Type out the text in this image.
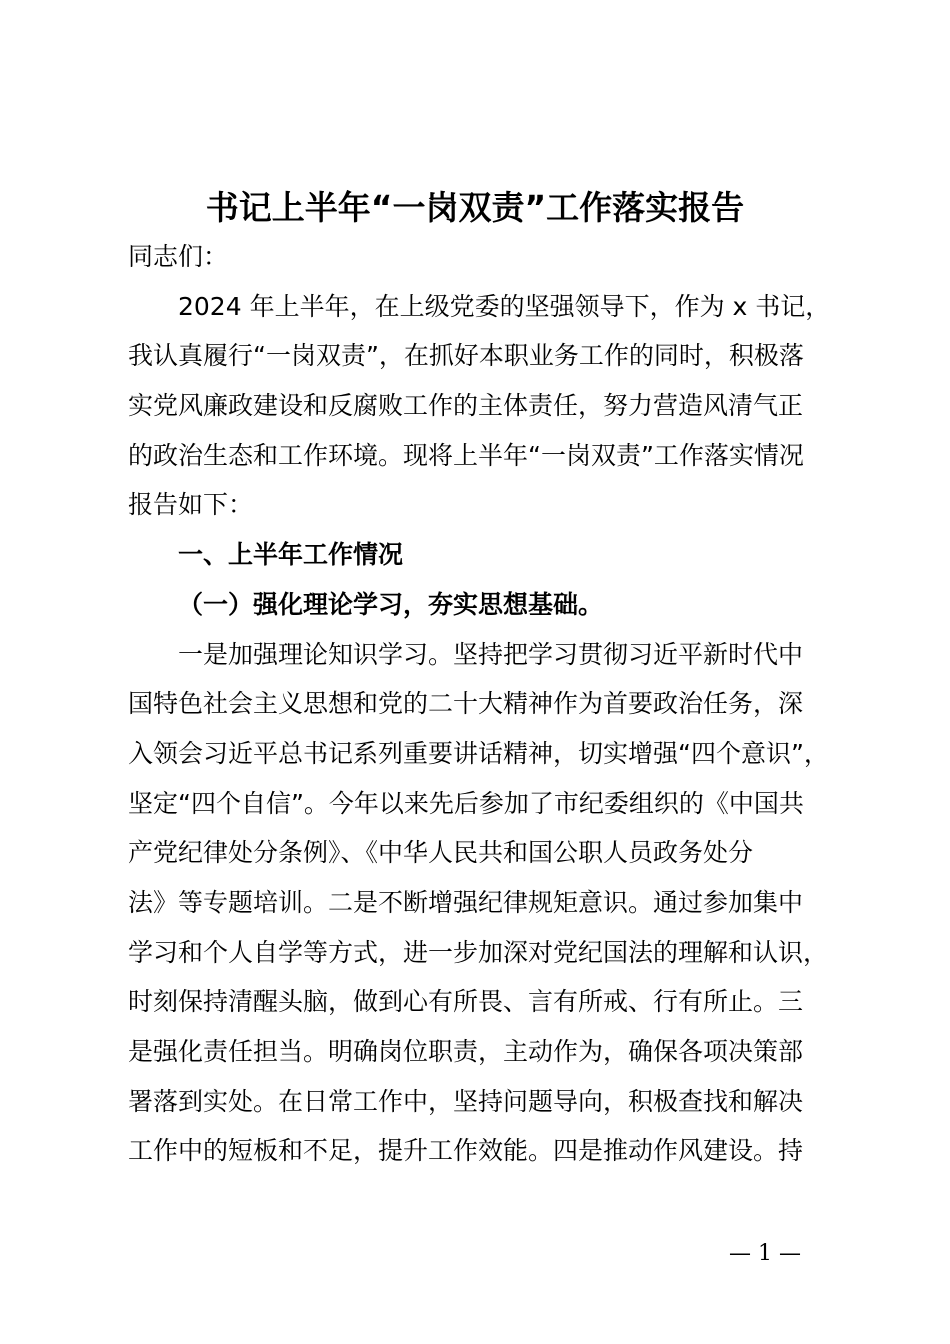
书记上半年“一岗双责”工作落实报告
同志们：
2024 年上半年，在上级党委的坚强领导下，作为 x 书记，
我认真履行“一岗双责”，在抓好本职业务工作的同时，积极落
实党风廉政建设和反腐败工作的主体责任，努力营造风清气正
的政治生态和工作环境。现将上半年“一岗双责”工作落实情况
报告如下：
一、上半年工作情况
（一）强化理论学习，夯实思想基础。
一是加强理论知识学习。坚持把学习贯彻习近平新时代中
国特色社会主义思想和党的二十大精神作为首要政治任务，深
入领会习近平总书记系列重要讲话精神，切实增强“四个意识”，
坚定“四个自信”。今年以来先后参加了市纪委组织的《中国共
产党纪律处分条例》、《中华人民共和国公职人员政务处分
法》等专题培训。二是不断增强纪律规矩意识。通过参加集中
学习和个人自学等方式，进一步加深对党纪国法的理解和认识，
时刻保持清醒头脑，做到心有所畏、言有所戒、行有所止。三
是强化责任担当。明确岗位职责，主动作为，确保各项决策部
署落到实处。在日常工作中，坚持问题导向，积极查找和解决
工作中的短板和不足，提升工作效能。四是推动作风建设。持
— 1 —
